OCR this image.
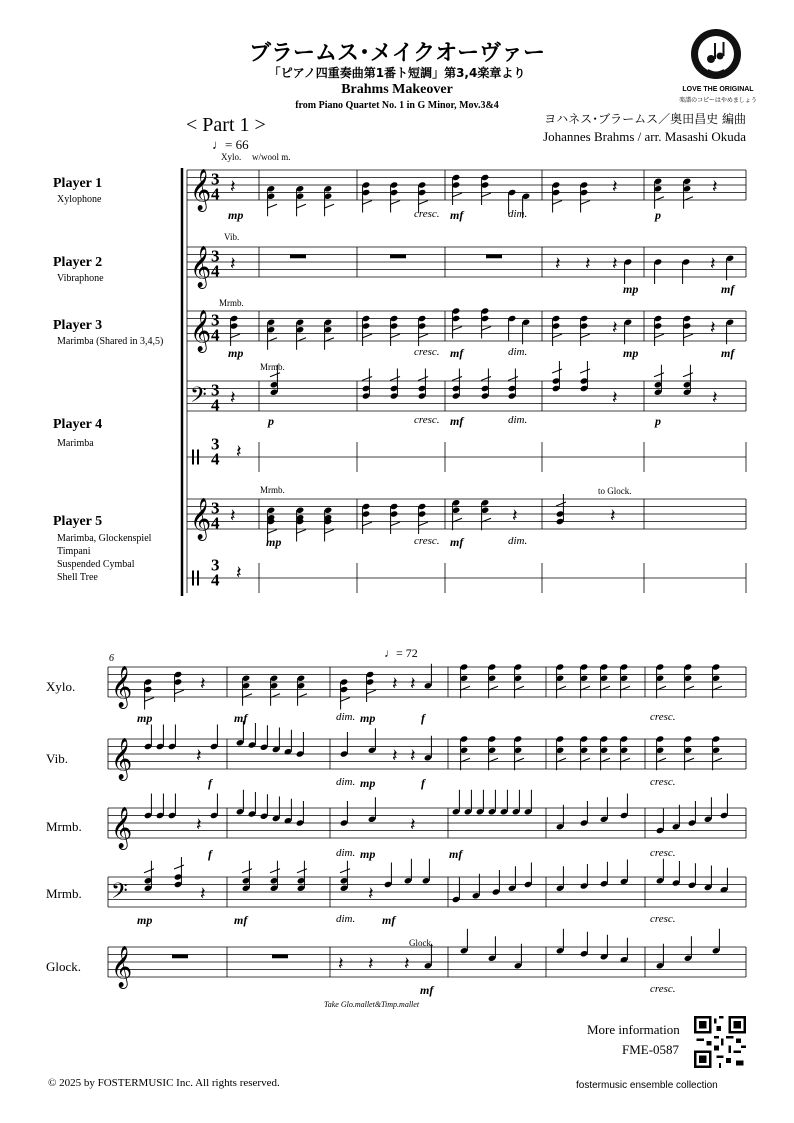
ブラームス･メイクオーヴァー
「ピアノ四重奏曲第1番ト短調」第3,4楽章より
Brahms Makeover
from Piano Quartet No. 1 in G Minor, Mov.3&4
< Part 1 >	ヨハネス･ブラームス／奥田昌史 編曲
Johannes Brahms / arr. Masashi Okuda
LOVE THE ORIGINAL
楽譜のコピーはやめましょう
♩= 66
Player 1
Xylophone
Player 2
Vibraphone
Player 3
Marimba (Shared in 3,4,5)
Player 4
Marimba
Player 5
Marimba, Glockenspiel
Timpani
Suspended Cymbal
Shell Tree
Xylo. w/wool m.
Vib.
Mrmb.
Mrmb.
Mrmb.	to Glock.
mp	cresc. mf	dim.	p
mp	mf
mp	cresc. mf	dim.	mp	mf
p	cresc. mf	dim.	p
mp	cresc. mf	dim.
6	♩= 72
Xylo.
Vib.
Mrmb.
Mrmb.
Glock.
Glock.
Take Glo.mallet&Timp.mallet
mp	mf	dim. mp	f	cresc.
f	dim. mp	f	cresc.
f	dim. mp	mf	cresc.
mp	mf	dim. mf	cresc.
mf	cresc.
𝄽	𝄽	𝄽
𝄽	𝄽 𝄽 𝄽	𝄽
𝄽	𝄽
𝄽	𝄽	𝄽
𝄽
𝄽
𝄽	𝄽	𝄽
𝄽	𝄽 𝄽
𝄽	𝄽 𝄽
𝄽	𝄽
𝄽	𝄽
𝄽 𝄽 𝄽
𝄞 3
4
𝄞 3
4
𝄞 3
4
𝄢 3
4
3
4
𝄞 3
4
3
4
𝄞
𝄞
𝄞
𝄢
𝄞
More information
FME-0587
© 2025 by FOSTERMUSIC Inc. All rights reserved.	fostermusic ensemble collection
